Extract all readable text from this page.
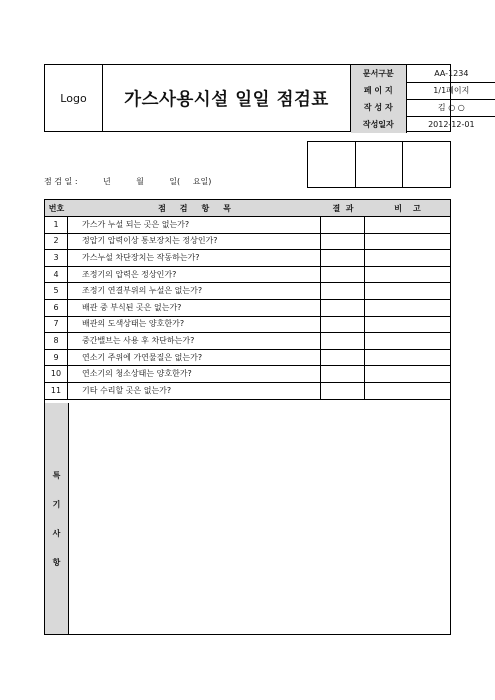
Logo	가스사용시설 일일 점검표
문서구분	AA-1234
페 이 지	1/1페이지
작 성 자	김 ○ ○
작성일자	2012-12-01
점 검 일 :          년          월          일(     요일)
번호	점     검     항     목	결  과	비    고
1	가스가 누설 되는 곳은 없는가?
2	정압기 압력이상 통보장치는 정상인가?
3	가스누설 차단장치는 작동하는가?
4	조정기의 압력은 정상인가?
5	조정기 연결부위의 누설은 없는가?
6	배관 중 부식된 곳은 없는가?
7	배관의 도색상태는 양호한가?
8	중간밸브는 사용 후 차단하는가?
9	연소기 주위에 가연물질은 없는가?
10	연소기의 청소상태는 양호한가?
11	기타 수리할 곳은 없는가?
특
기
사
항
